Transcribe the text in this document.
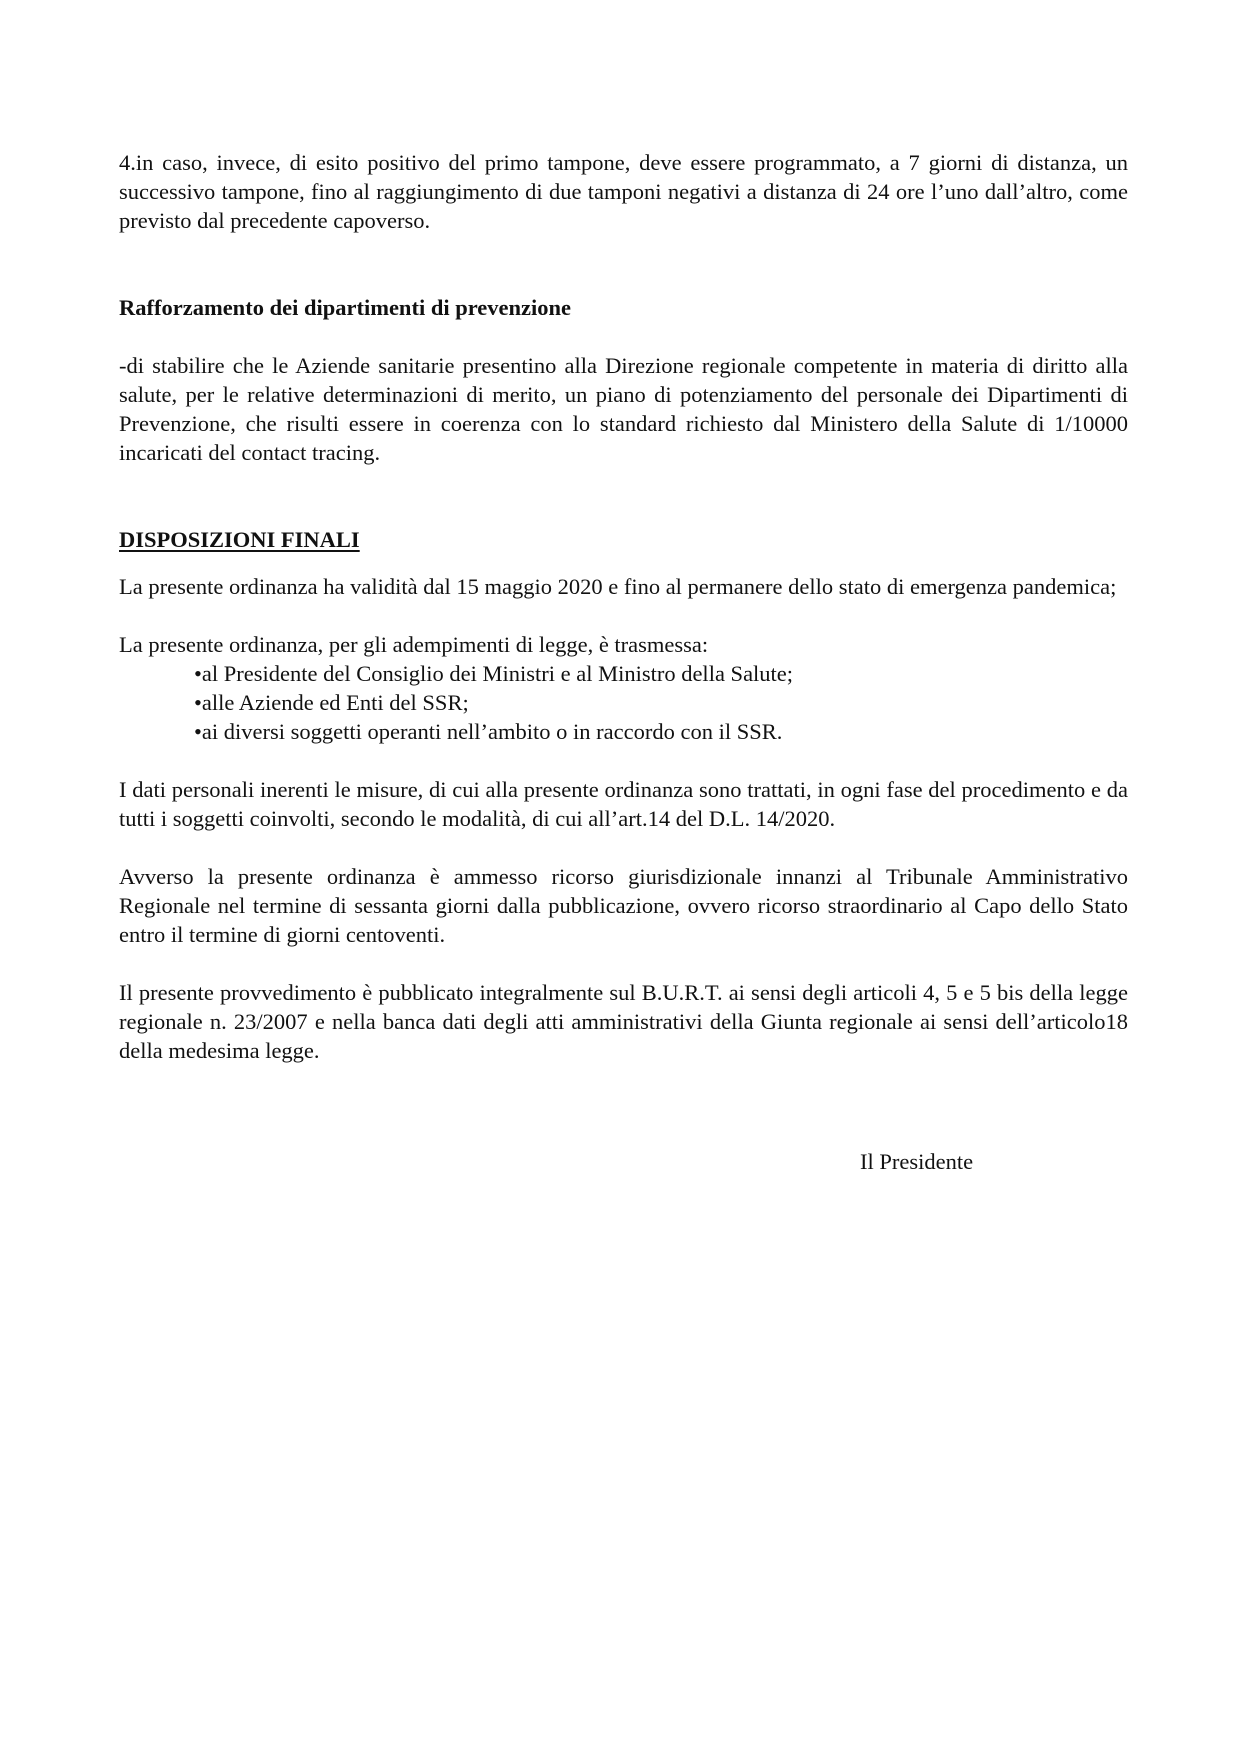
4.in caso, invece, di esito positivo del primo tampone, deve essere programmato, a 7 giorni di distanza, un successivo tampone, fino al raggiungimento di due tamponi negativi a distanza di 24 ore l’uno dall’altro, come previsto dal precedente capoverso.

Rafforzamento dei dipartimenti di prevenzione

-di stabilire che le Aziende sanitarie presentino alla Direzione regionale competente in materia di diritto alla salute, per le relative determinazioni di merito, un piano di potenziamento del personale dei Dipartimenti di Prevenzione, che risulti essere in coerenza con lo standard richiesto dal Ministero della Salute di 1/10000 incaricati del contact tracing.

DISPOSIZIONI FINALI

La presente ordinanza ha validità dal 15 maggio 2020 e fino al permanere dello stato di emergenza pandemica;

La presente ordinanza, per gli adempimenti di legge, è trasmessa:

•al Presidente del Consiglio dei Ministri e al Ministro della Salute;
•alle Aziende ed Enti del SSR;
•ai diversi soggetti operanti nell’ambito o in raccordo con il SSR.

I dati personali inerenti le misure, di cui alla presente ordinanza sono trattati, in ogni fase del procedimento e da tutti i soggetti coinvolti, secondo le modalità, di cui all’art.14 del D.L. 14/2020.

Avverso la presente ordinanza è ammesso ricorso giurisdizionale innanzi al Tribunale Amministrativo Regionale nel termine di sessanta giorni dalla pubblicazione, ovvero ricorso straordinario al Capo dello Stato entro il termine di giorni centoventi.

Il presente provvedimento è pubblicato integralmente sul B.U.R.T. ai sensi degli articoli 4, 5 e 5 bis della legge regionale n. 23/2007 e nella banca dati degli atti amministrativi della Giunta regionale ai sensi dell’articolo18 della medesima legge.

Il Presidente
